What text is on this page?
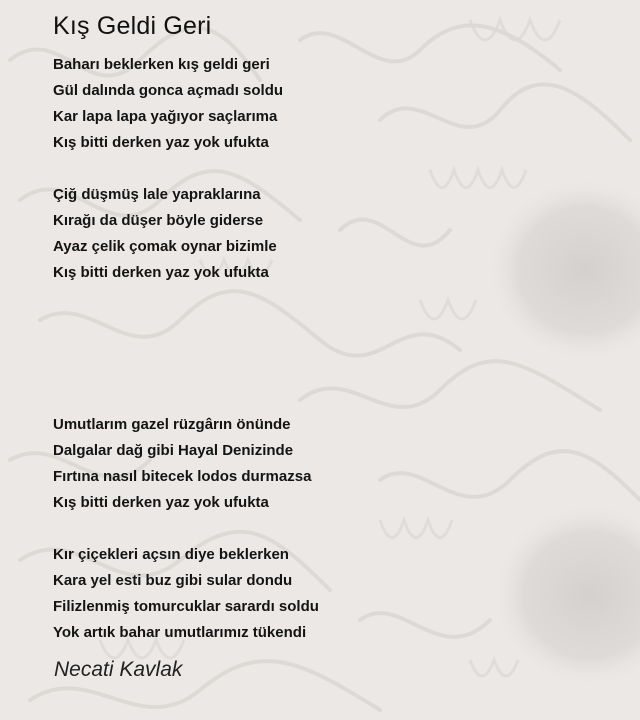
Kış Geldi Geri
Baharı beklerken kış geldi geri
Gül dalında gonca açmadı soldu
Kar lapa lapa yağıyor saçlarıma
Kış bitti derken yaz yok ufukta
Çiğ düşmüş lale yapraklarına
Kırağı da düşer böyle giderse
Ayaz çelik çomak oynar bizimle
Kış bitti derken yaz yok ufukta
Umutlarım gazel rüzgârın önünde
Dalgalar dağ gibi Hayal Denizinde
Fırtına nasıl bitecek lodos durmazsa
Kış bitti derken yaz yok ufukta
Kır çiçekleri açsın diye beklerken
Kara yel esti buz gibi sular dondu
Filizlenmiş tomurcuklar sarardı soldu
Yok artık bahar umutlarımız tükendi
Necati Kavlak
